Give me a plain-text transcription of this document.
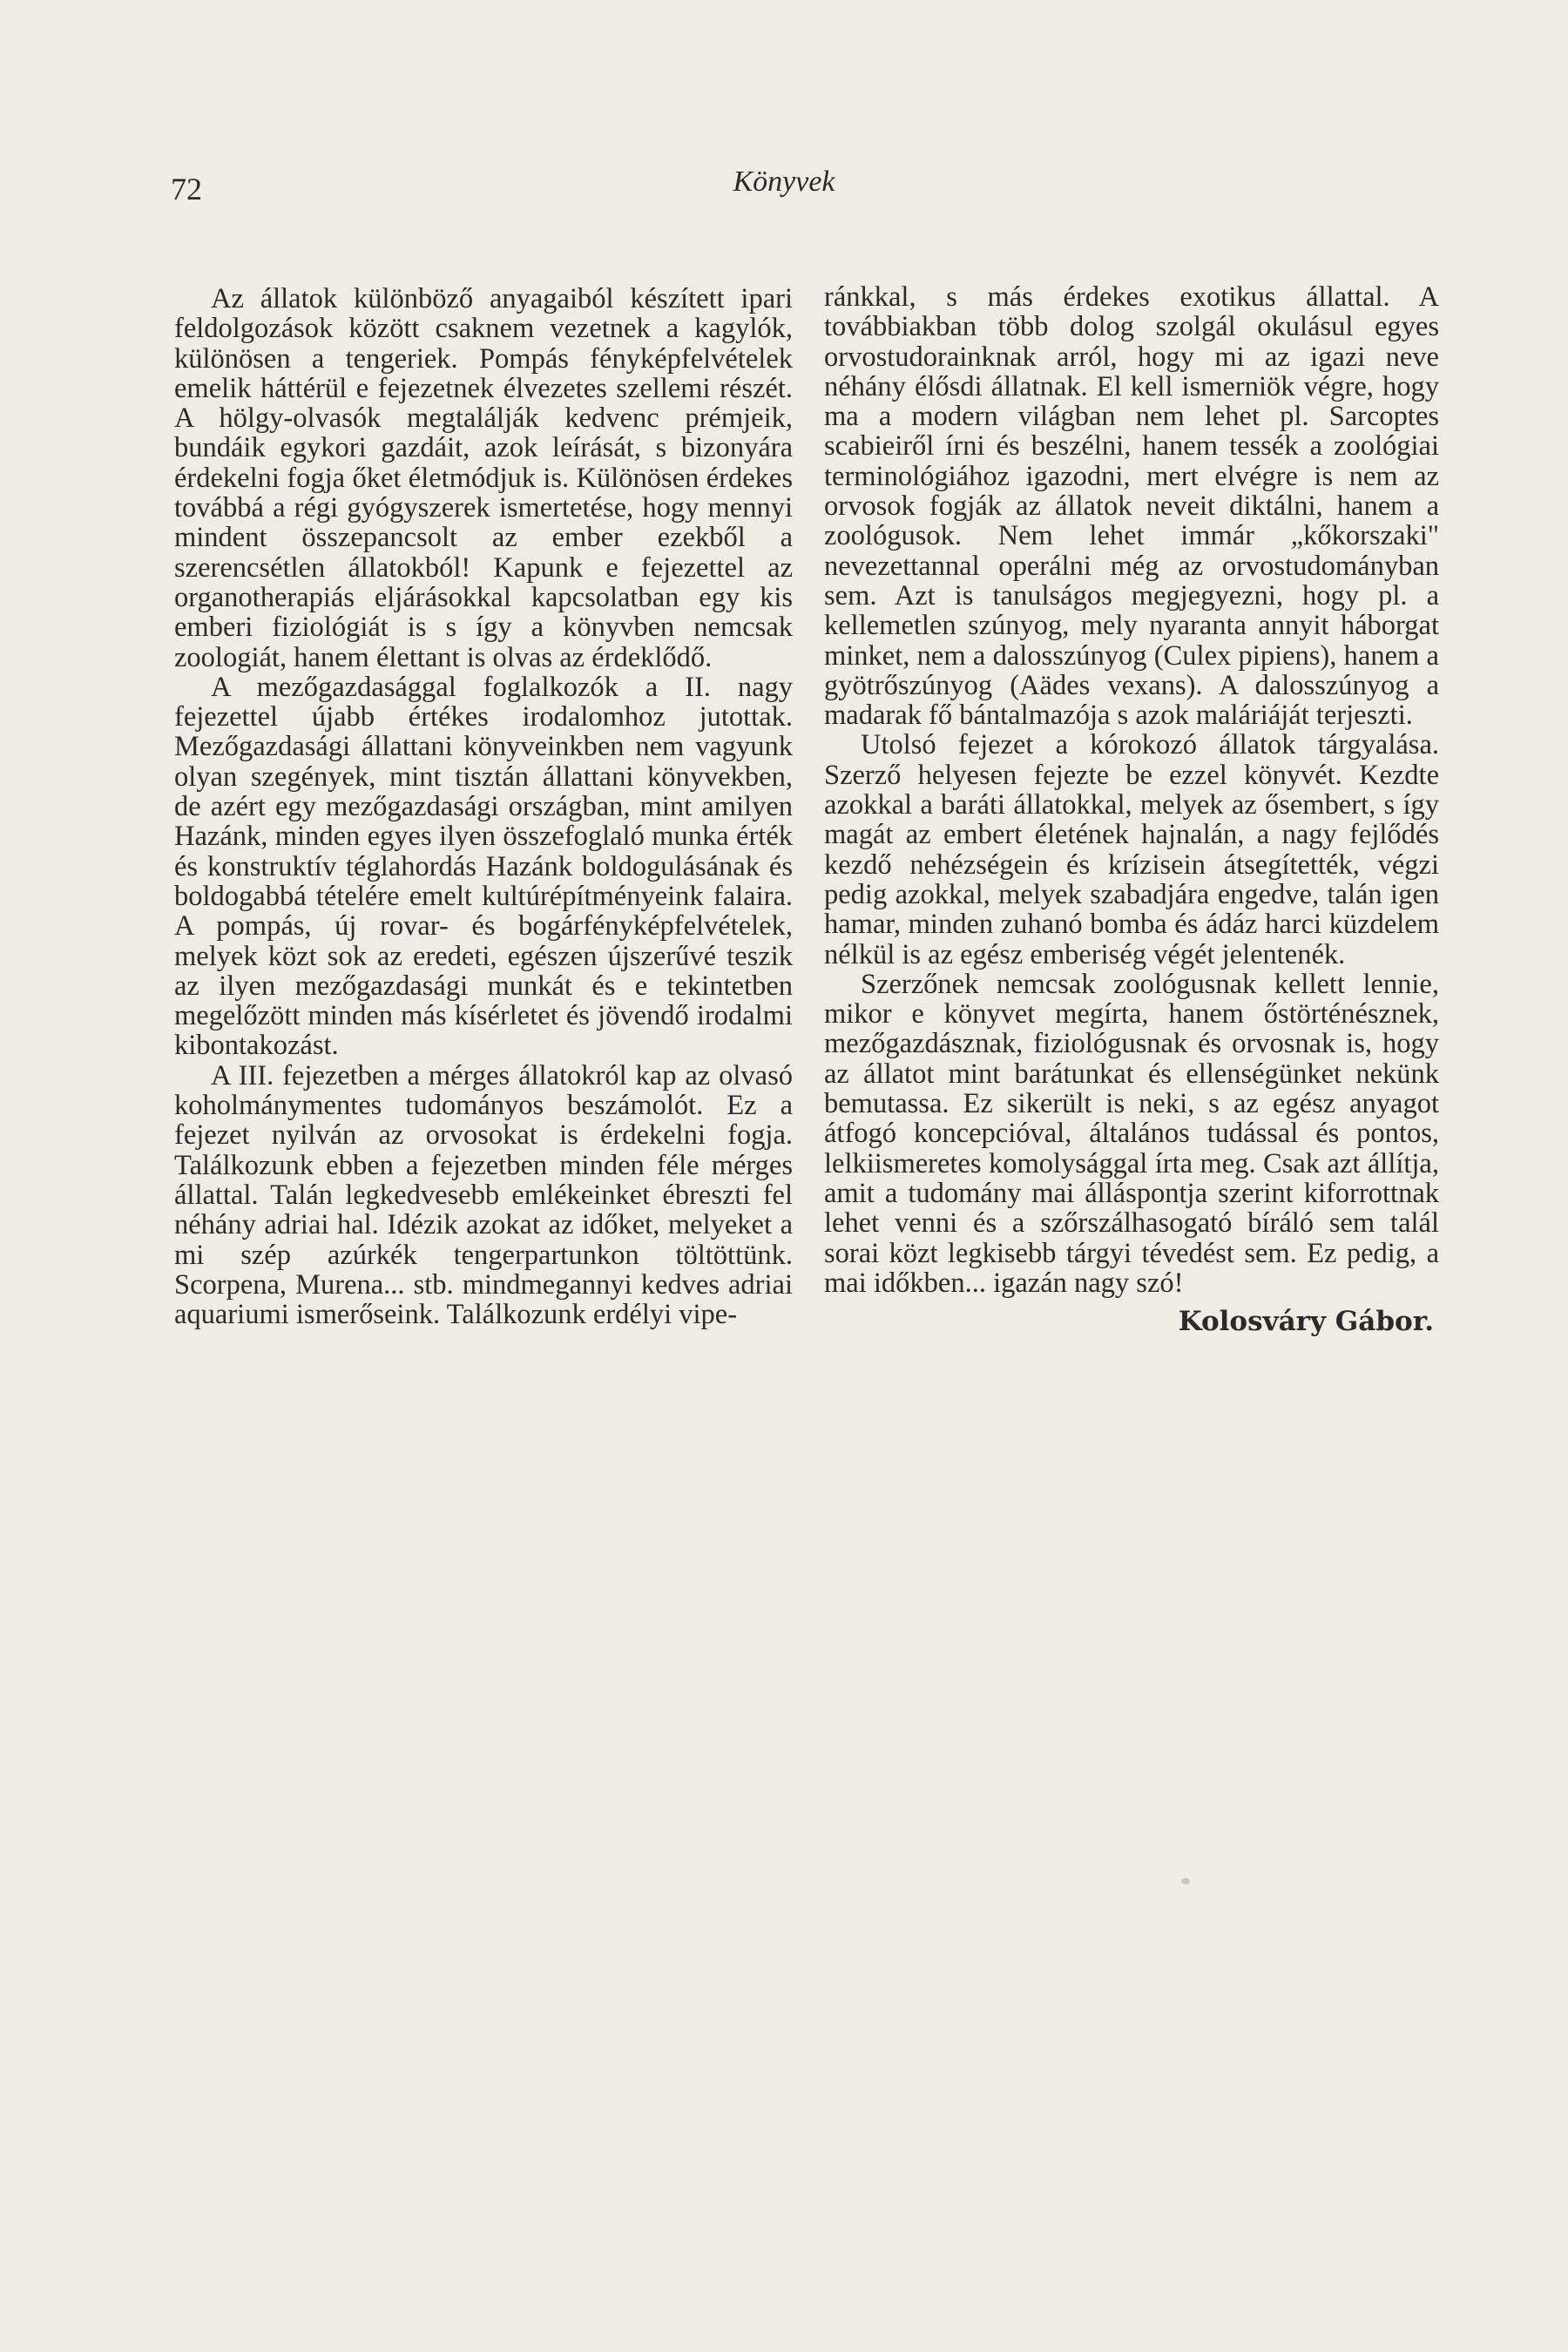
72	Könyvek

Az állatok különböző anyagaiból készített ipari feldolgozások között csaknem vezetnek a kagylók, különösen a tengeriek. Pompás fényképfelvételek emelik háttérül e fejezetnek élvezetes szellemi részét. A hölgy-olvasók megtalálják kedvenc prémjeik, bundáik egykori gazdáit, azok leírását, s bizonyára érdekelni fogja őket életmódjuk is. Különösen érdekes továbbá a régi gyógyszerek ismertetése, hogy mennyi mindent összepancsolt az ember ezekből a szerencsétlen állatokból! Kapunk e fejezettel az organotherapiás eljárásokkal kapcsolatban egy kis emberi fiziológiát is s így a könyvben nemcsak zoologiát, hanem élettant is olvas az érdeklődő.

A mezőgazdasággal foglalkozók a II. nagy fejezettel újabb értékes irodalomhoz jutottak. Mezőgazdasági állattani könyveinkben nem vagyunk olyan szegények, mint tisztán állattani könyvekben, de azért egy mezőgazdasági országban, mint amilyen Hazánk, minden egyes ilyen összefoglaló munka érték és konstruktív téglahordás Hazánk boldogulásának és boldogabbá tételére emelt kultúrépítményeink falaira. A pompás, új rovar- és bogárfényképfelvételek, melyek közt sok az eredeti, egészen újszerűvé teszik az ilyen mezőgazdasági munkát és e tekintetben megelőzött minden más kísérletet és jövendő irodalmi kibontakozást.

A III. fejezetben a mérges állatokról kap az olvasó koholmánymentes tudományos beszámolót. Ez a fejezet nyilván az orvosokat is érdekelni fogja. Találkozunk ebben a fejezetben minden féle mérges állattal. Talán legkedvesebb emlékeinket ébreszti fel néhány adriai hal. Idézik azokat az időket, melyeket a mi szép azúrkék tengerpartunkon töltöttünk. Scorpena, Murena... stb. mindmegannyi kedves adriai aquariumi ismerőseink. Találkozunk erdélyi vipe-

ránkkal, s más érdekes exotikus állattal. A továbbiakban több dolog szolgál okulásul egyes orvostudorainknak arról, hogy mi az igazi neve néhány élősdi állatnak. El kell ismerniök végre, hogy ma a modern világban nem lehet pl. Sarcoptes scabieiről írni és beszélni, hanem tessék a zoológiai terminológiához igazodni, mert elvégre is nem az orvosok fogják az állatok neveit diktálni, hanem a zoológusok. Nem lehet immár „kőkorszaki" nevezettannal operálni még az orvostudományban sem. Azt is tanulságos megjegyezni, hogy pl. a kellemetlen szúnyog, mely nyaranta annyit háborgat minket, nem a dalosszúnyog (Culex pipiens), hanem a gyötrőszúnyog (Aädes vexans). A dalosszúnyog a madarak fő bántalmazója s azok maláriáját terjeszti.

Utolsó fejezet a kórokozó állatok tárgyalása. Szerző helyesen fejezte be ezzel könyvét. Kezdte azokkal a baráti állatokkal, melyek az ősembert, s így magát az embert életének hajnalán, a nagy fejlődés kezdő nehézségein és krízisein átsegítették, végzi pedig azokkal, melyek szabadjára engedve, talán igen hamar, minden zuhanó bomba és ádáz harci küzdelem nélkül is az egész emberiség végét jelentenék.

Szerzőnek nemcsak zoológusnak kellett lennie, mikor e könyvet megírta, hanem őstörténésznek, mezőgazdásznak, fiziológusnak és orvosnak is, hogy az állatot mint barátunkat és ellenségünket nekünk bemutassa. Ez sikerült is neki, s az egész anyagot átfogó koncepcióval, általános tudással és pontos, lelkiismeretes komolysággal írta meg. Csak azt állítja, amit a tudomány mai álláspontja szerint kiforrottnak lehet venni és a szőrszálhasogató bíráló sem talál sorai közt legkisebb tárgyi tévedést sem. Ez pedig, a mai időkben... igazán nagy szó!

Kolosváry Gábor.
